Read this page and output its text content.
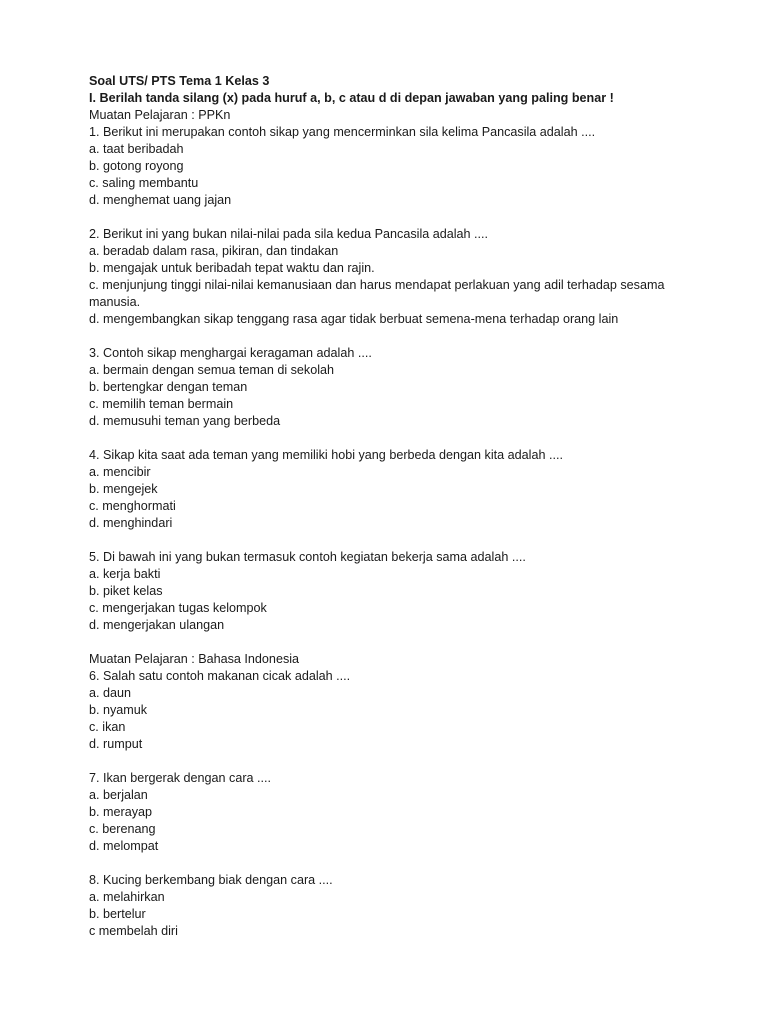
Soal UTS/ PTS Tema 1 Kelas 3
I. Berilah tanda silang (x) pada huruf a, b, c atau d di depan jawaban yang paling benar !
Muatan Pelajaran : PPKn
1. Berikut ini merupakan contoh sikap yang mencerminkan sila kelima Pancasila adalah ....
a. taat beribadah
b. gotong royong
c. saling membantu
d. menghemat uang jajan
2. Berikut ini yang bukan nilai-nilai pada sila kedua Pancasila adalah ....
a. beradab dalam rasa, pikiran, dan tindakan
b. mengajak untuk beribadah tepat waktu dan rajin.
c. menjunjung tinggi nilai-nilai kemanusiaan dan harus mendapat perlakuan yang adil terhadap sesama manusia.
d. mengembangkan sikap tenggang rasa agar tidak berbuat semena-mena terhadap orang lain
3. Contoh sikap menghargai keragaman adalah ....
a. bermain dengan semua teman di sekolah
b. bertengkar dengan teman
c. memilih teman bermain
d. memusuhi teman yang berbeda
4. Sikap kita saat ada teman yang memiliki hobi yang berbeda dengan kita adalah ....
a. mencibir
b. mengejek
c. menghormati
d. menghindari
5. Di bawah ini yang bukan termasuk contoh kegiatan bekerja sama adalah ....
a. kerja bakti
b. piket kelas
c. mengerjakan tugas kelompok
d. mengerjakan ulangan
Muatan Pelajaran : Bahasa Indonesia
6. Salah satu contoh makanan cicak adalah ....
a. daun
b. nyamuk
c. ikan
d. rumput
7. Ikan bergerak dengan cara ....
a. berjalan
b. merayap
c. berenang
d. melompat
8. Kucing berkembang biak dengan cara ....
a. melahirkan
b. bertelur
c membelah diri
